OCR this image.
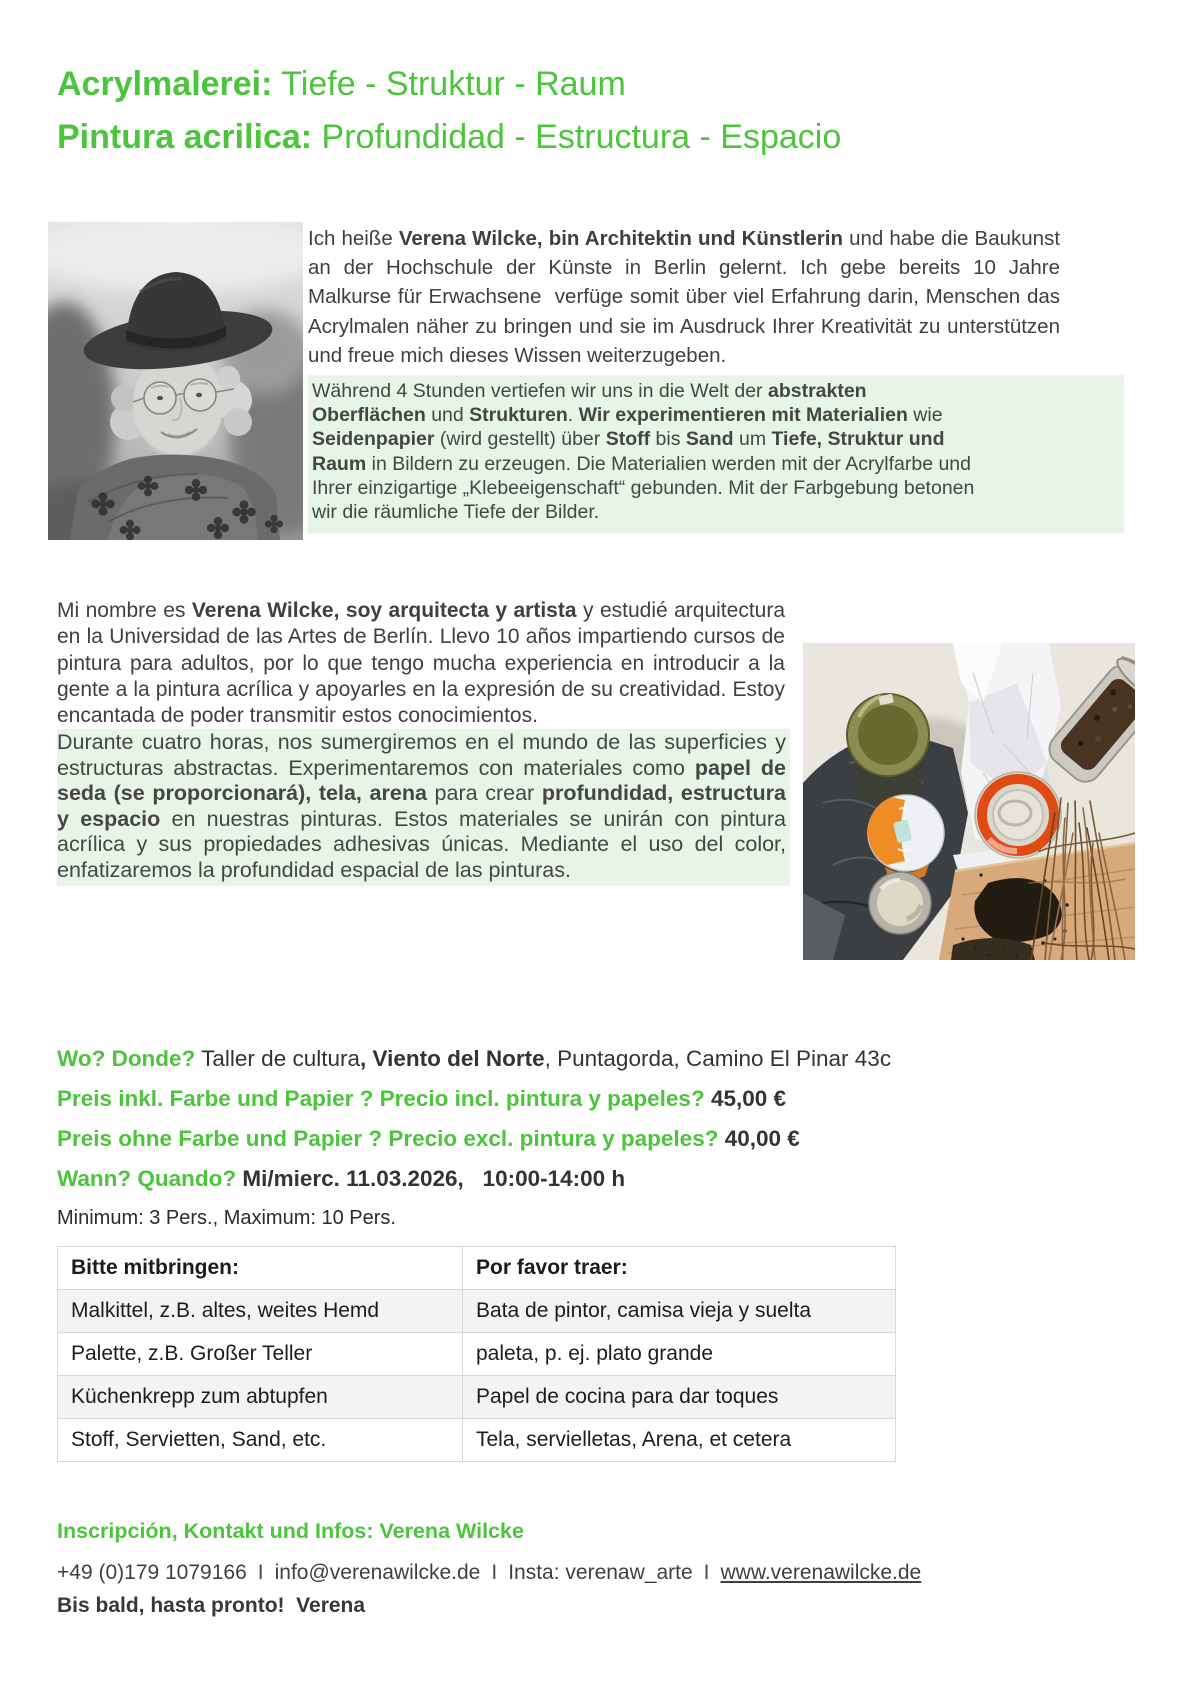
Acrylmalerei: Tiefe - Struktur - Raum
Pintura acrilica: Profundidad - Estructura - Espacio
Ich heiße Verena Wilcke, bin Architektin und Künstlerin und habe die Baukunst an der Hochschule der Künste in Berlin gelernt. Ich gebe bereits 10 Jahre Malkurse für Erwachsene  verfüge somit über viel Erfahrung darin, Menschen das Acrylmalen näher zu bringen und sie im Ausdruck Ihrer Kreativität zu unterstützen und freue mich dieses Wissen weiterzugeben.
Während 4 Stunden vertiefen wir uns in die Welt der abstrakten Oberflächen und Strukturen. Wir experimentieren mit Materialien wie Seidenpapier (wird gestellt) über Stoff bis Sand um Tiefe, Struktur und Raum in Bildern zu erzeugen. Die Materialien werden mit der Acrylfarbe und Ihrer einzigartige „Klebeeigenschaft“ gebunden. Mit der Farbgebung betonen wir die räumliche Tiefe der Bilder.
Mi nombre es Verena Wilcke, soy arquitecta y artista y estudié arquitectura en la Universidad de las Artes de Berlín. Llevo 10 años impartiendo cursos de pintura para adultos, por lo que tengo mucha experiencia en introducir a la gente a la pintura acrílica y apoyarles en la expresión de su creatividad. Estoy encantada de poder transmitir estos conocimientos.
Durante cuatro horas, nos sumergiremos en el mundo de las superficies y estructuras abstractas. Experimentaremos con materiales como papel de seda (se proporcionará), tela, arena para crear profundidad, estructura y espacio en nuestras pinturas. Estos materiales se unirán con pintura acrílica y sus propiedades adhesivas únicas. Mediante el uso del color, enfatizaremos la profundidad espacial de las pinturas.
Wo? Donde? Taller de cultura, Viento del Norte, Puntagorda, Camino El Pinar 43c
Preis inkl. Farbe und Papier ? Precio incl. pintura y papeles? 45,00 €
Preis ohne Farbe und Papier ? Precio excl. pintura y papeles? 40,00 €
Wann? Quando? Mi/mierc. 11.03.2026,   10:00-14:00 h
Minimum: 3 Pers., Maximum: 10 Pers.
Bitte mitbringen:	Por favor traer:
Malkittel, z.B. altes, weites Hemd	Bata de pintor, camisa vieja y suelta
Palette, z.B. Großer Teller	paleta, p. ej. plato grande
Küchenkrepp zum abtupfen	Papel de cocina para dar toques
Stoff, Servietten, Sand, etc.	Tela, servielletas, Arena, et cetera
Inscripción, Kontakt und Infos: Verena Wilcke
+49 (0)179 1079166 I info@verenawilcke.de I Insta: verenaw_arte I www.verenawilcke.de
Bis bald, hasta pronto!  Verena
